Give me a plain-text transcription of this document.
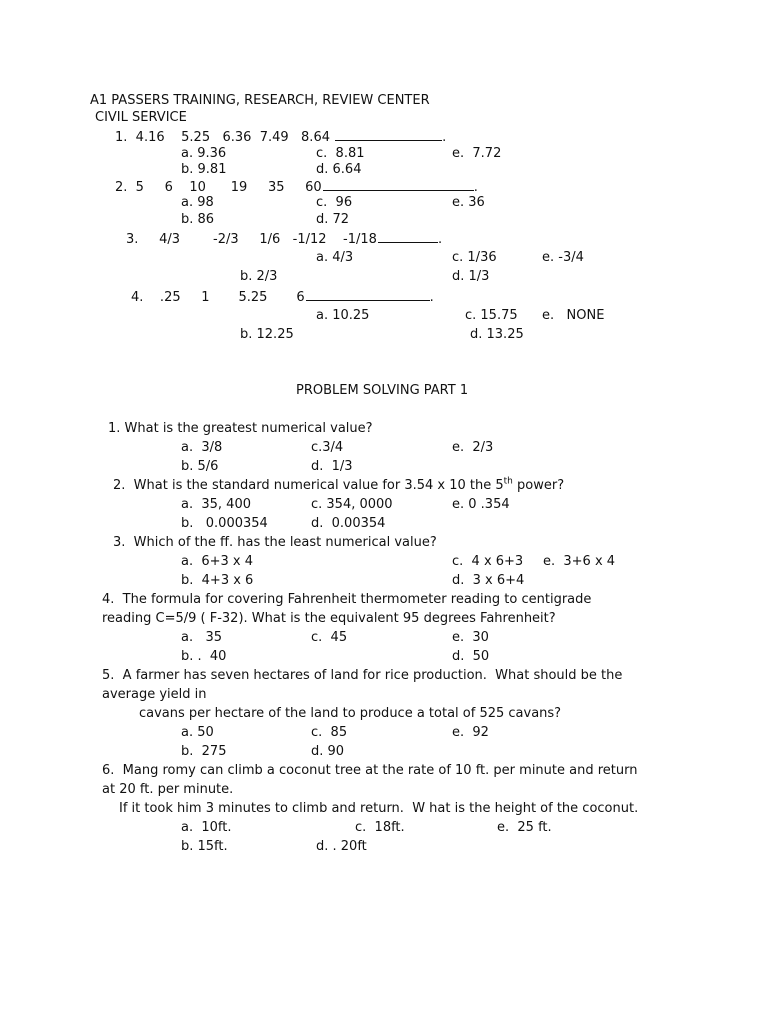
A1 PASSERS TRAINING, RESEARCH, REVIEW CENTER
CIVIL SERVICE
1.  4.16    5.25   6.36  7.49   8.64	.
a. 9.36	c.  8.81	e.  7.72
b. 9.81	d. 6.64
2.  5     6    10      19     35     60	.
a. 98	c.  96	e. 36
b. 86	d. 72
3.     4/3        -2/3     1/6   -1/12    -1/18	.
a. 4/3	c. 1/36	e. -3/4
b. 2/3	d. 1/3
4.    .25     1       5.25       6	.
a. 10.25	c. 15.75 e.   NONE
b. 12.25	d. 13.25
PROBLEM SOLVING PART 1
1. What is the greatest numerical value?
a.  3/8	c.3/4	e.  2/3
b. 5/6	d.  1/3
2.  What is the standard numerical value for 3.54 x 10 the 5th power?
a.  35, 400	c. 354, 0000	e. 0 .354
b.   0.000354	d.  0.00354
3.  Which of the ff. has the least numerical value?
a.  6+3 x 4	c.  4 x 6+3 e.  3+6 x 4
b.  4+3 x 6	d.  3 x 6+4
4.  The formula for covering Fahrenheit thermometer reading to centigrade
reading C=5/9 ( F-32). What is the equivalent 95 degrees Fahrenheit?
a.   35	c.  45	e.  30
b. .  40	d.  50
5.  A farmer has seven hectares of land for rice production.  What should be the
average yield in
cavans per hectare of the land to produce a total of 525 cavans?
a. 50	c.  85	e.  92
b.  275	d. 90
6.  Mang romy can climb a coconut tree at the rate of 10 ft. per minute and return
at 20 ft. per minute.
If it took him 3 minutes to climb and return.  W hat is the height of the coconut.
a.  10ft.	c.  18ft.	e.  25 ft.
b. 15ft.	d. . 20ft
